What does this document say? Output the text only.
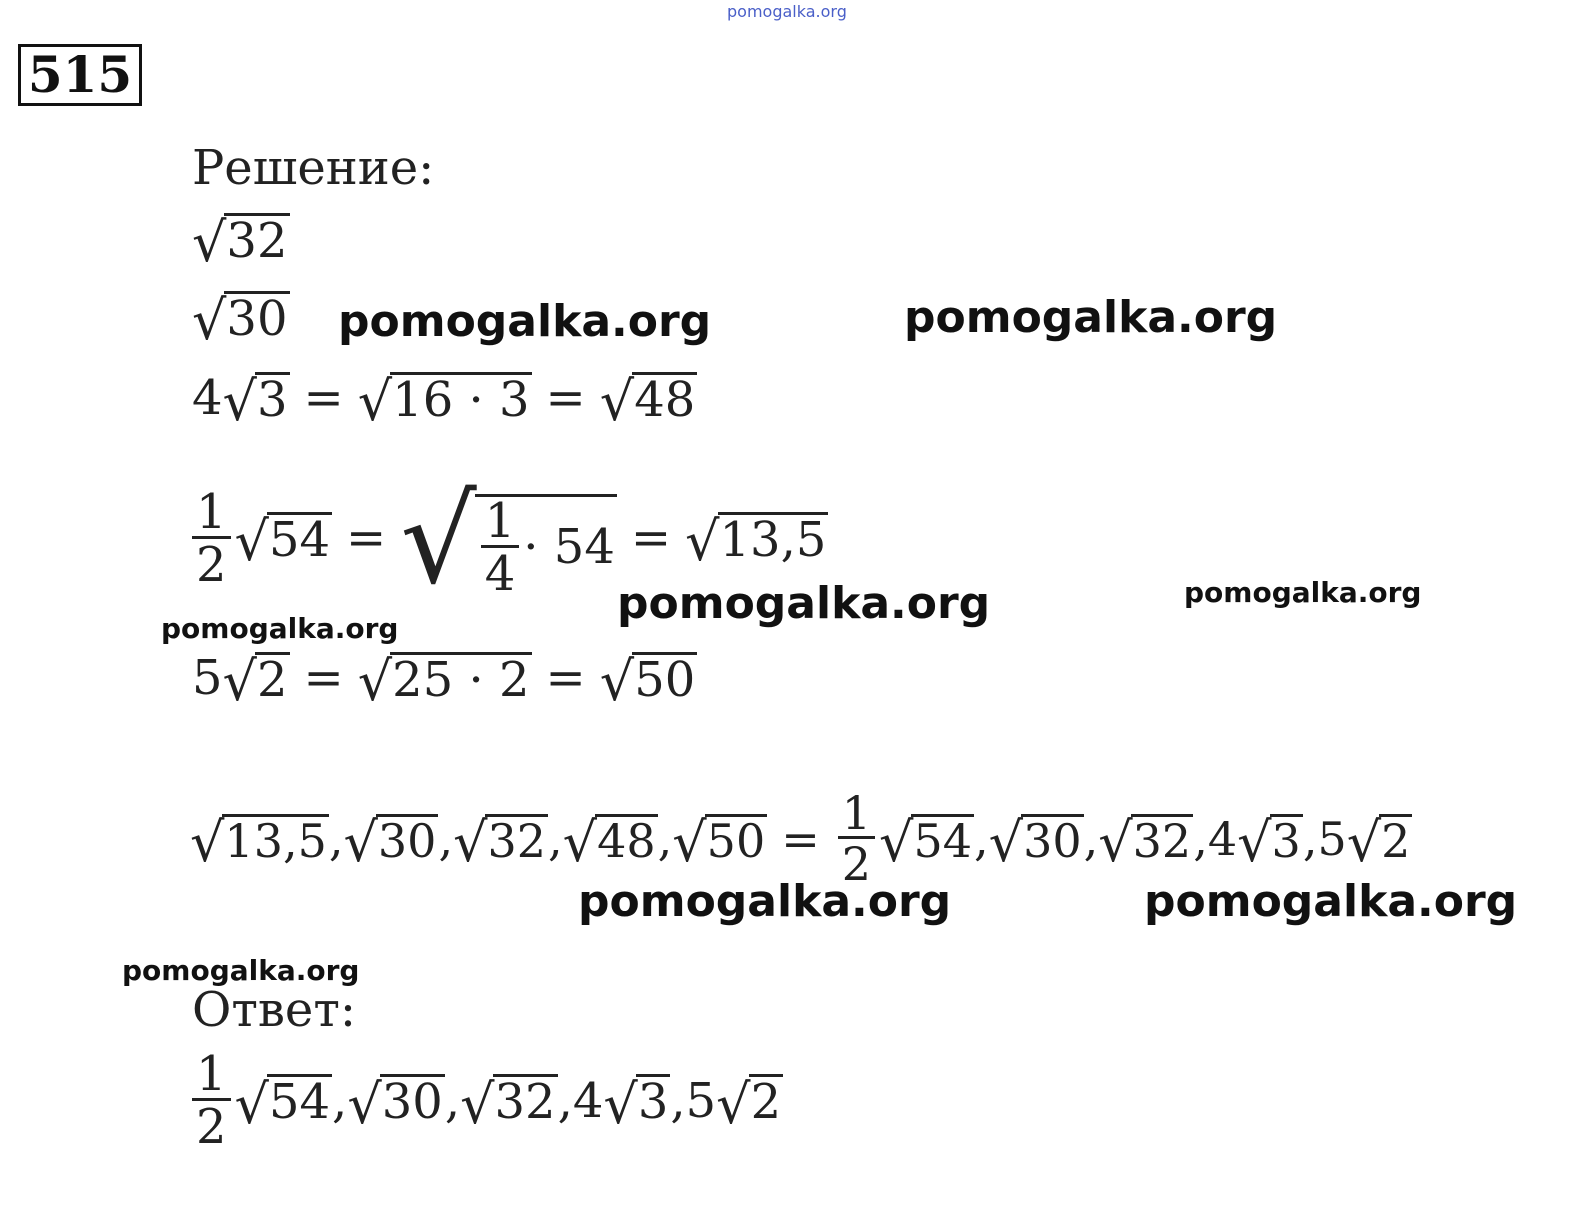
pomogalka.org
pomogalka.org	pomogalka.org
pomogalka.org	pomogalka.org
pomogalka.org
pomogalka.org	pomogalka.org
pomogalka.org
515
Решение:
√ 32
√ 30
4 √ 3 = √ 16 · 3 = √ 48
$\frac{1}{2}$ √ 54 = √ $\frac{1}{4} \cdot 54$ = √ 13,5
5 √ 2 = √ 25 · 2 = √ 50
√ 13,5 , √ 30 , √ 32 , √ 48 , √ $50 = \frac{1}{2}$ √ 54 , √ 30 , √ 32 , 4 √ 3 , 5 √ 2
Ответ:
$\frac{1}{2}$ √ 54 , √ 30 , √ 32 , 4 √ 3 , 5 √ 2
